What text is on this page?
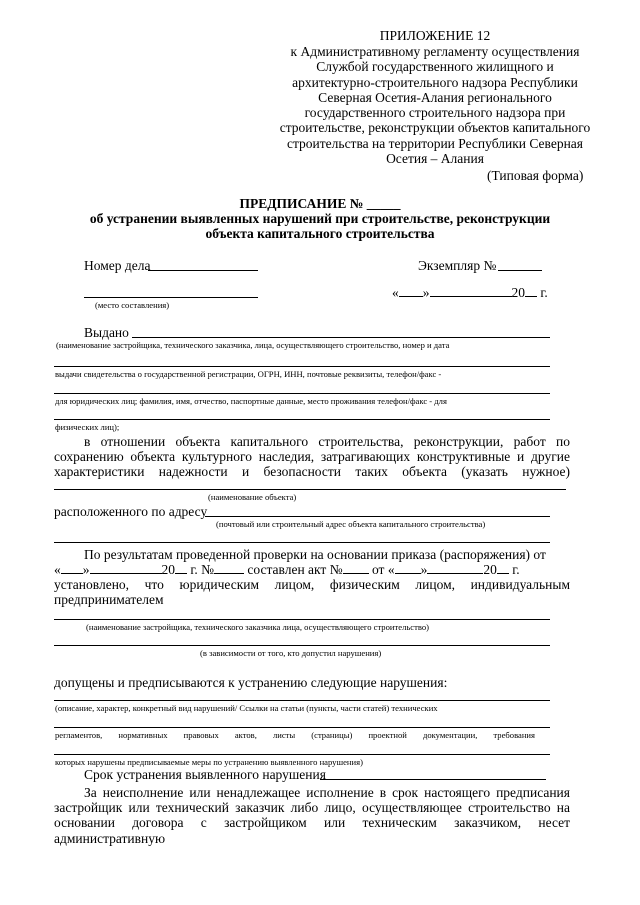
ПРИЛОЖЕНИЕ 12
к Административному регламенту осуществления
Службой государственного жилищного и
архитектурно-строительного надзора Республики
Северная Осетия-Алания регионального
государственного строительного надзора при
строительстве, реконструкции объектов капитального
строительства на территории Республики Северная
Осетия – Алания
(Типовая форма)
ПРЕДПИСАНИЕ № _____
об устранении выявленных нарушений при строительстве, реконструкции
объекта капитального строительства
Номер дела	Экземпляр №
(место составления)
« »	20 г.
Выдано
(наименование застройщика, технического заказчика, лица, осуществляющего строительство, номер и дата
выдачи свидетельства о государственной регистрации, ОГРН, ИНН, почтовые реквизиты, телефон/факс -
для юридических лиц; фамилия, имя, отчество, паспортные данные, место проживания телефон/факс - для
физических лиц);
в отношении объекта капитального строительства, реконструкции, работ по
сохранению объекта культурного наследия, затрагивающих конструктивные и другие
характеристики надежности и безопасности таких объекта (указать нужное)
(наименование объекта)
расположенного по адресу
(почтовый или строительный адрес объекта капитального строительства)
По результатам проведенной проверки на основании приказа (распоряжения) от
« »	20 г. № составлен акт № от « »	20 г.
установлено, что юридическим лицом, физическим лицом, индивидуальным
предпринимателем
(наименование застройщика, технического заказчика лица, осуществляющего строительство)
(в зависимости от того, кто допустил нарушения)
допущены и предписываются к устранению следующие нарушения:
(описание, характер, конкретный вид нарушений/ Ссылки на статьи (пункты, части статей) технических
регламентов, нормативных правовых актов, листы (страницы) проектной документации, требования
которых нарушены предписываемые меры по устранению выявленного нарушения)
Срок устранения выявленного нарушения
За неисполнение или ненадлежащее исполнение в срок настоящего предписания
застройщик или технический заказчик либо лицо, осуществляющее строительство на
основании договора с застройщиком или техническим заказчиком, несет административную
